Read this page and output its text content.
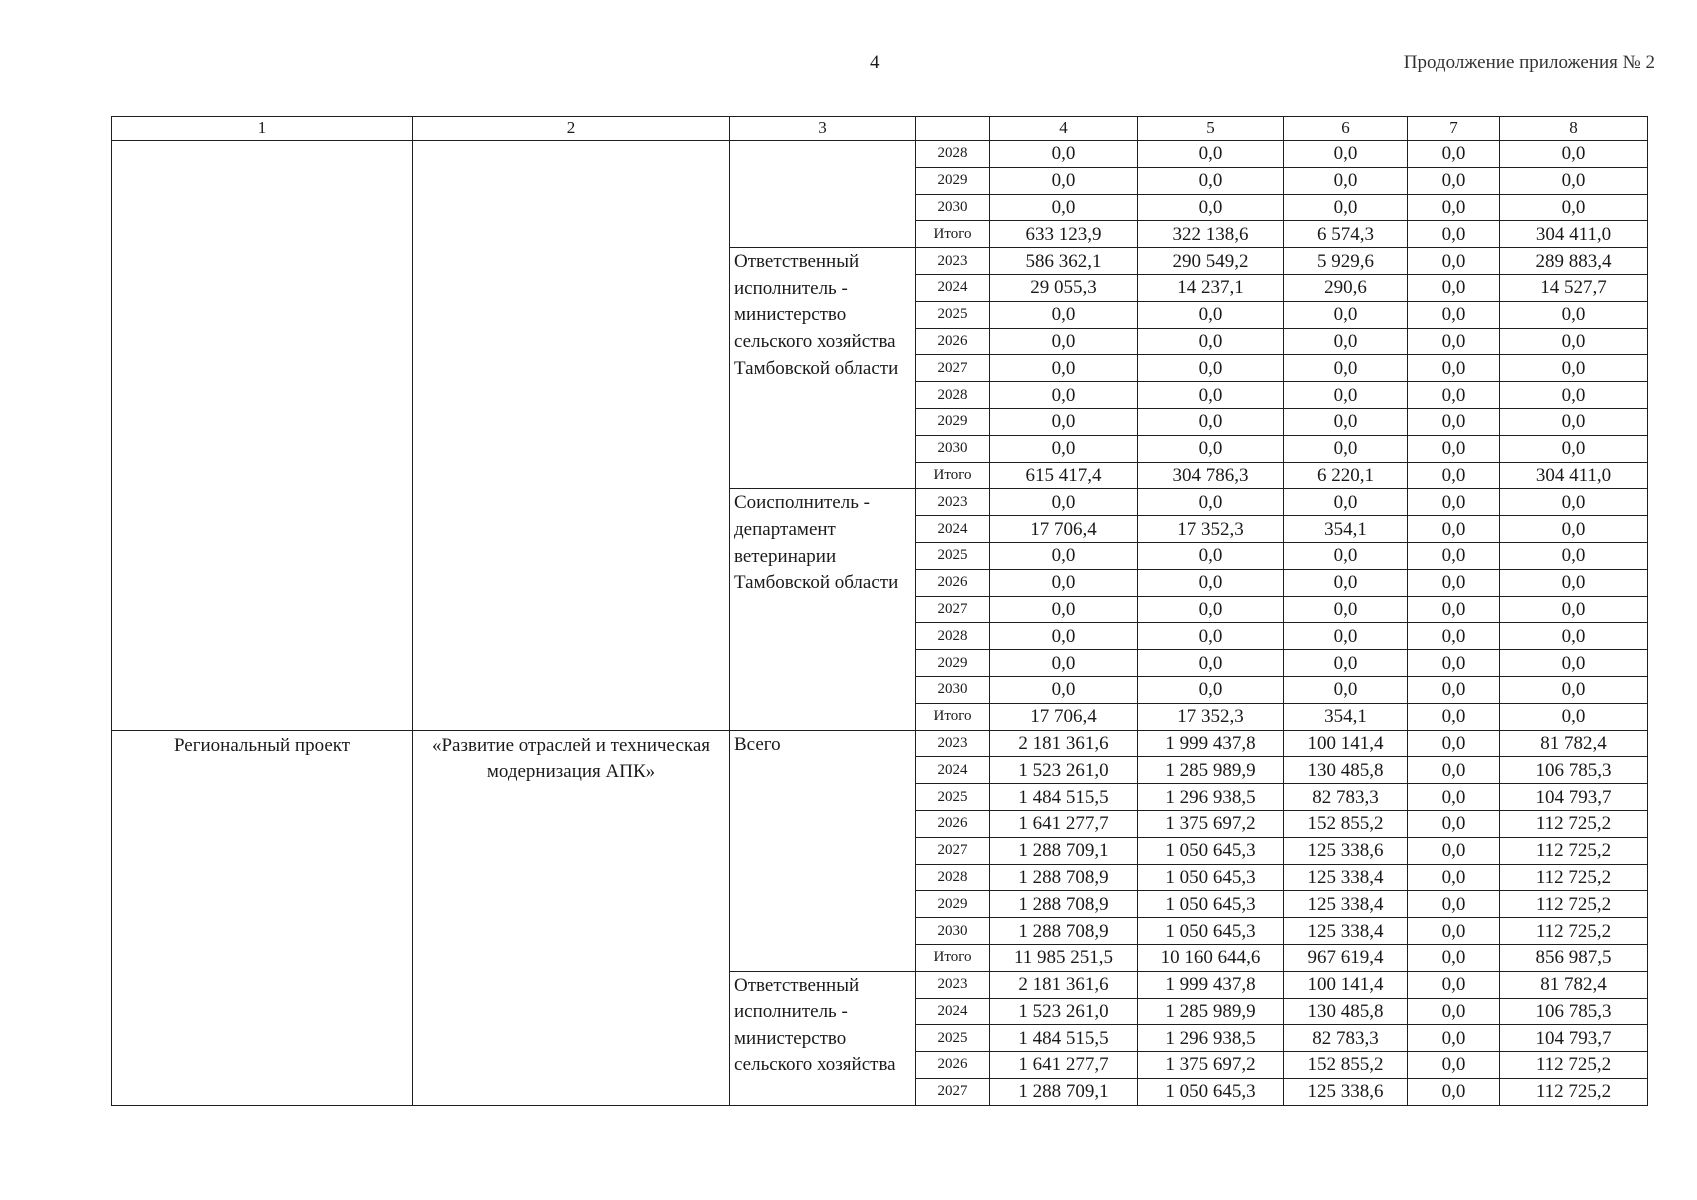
4	Продолжение приложения № 2
1	2	3		4	5	6	7	8
			2028	0,0	0,0	0,0	0,0	0,0
			2029	0,0	0,0	0,0	0,0	0,0
			2030	0,0	0,0	0,0	0,0	0,0
			Итого	633 123,9	322 138,6	6 574,3	0,0	304 411,0
		Ответственный исполнитель - министерство сельского хозяйства Тамбовской области	2023	586 362,1	290 549,2	5 929,6	0,0	289 883,4
			2024	29 055,3	14 237,1	290,6	0,0	14 527,7
			2025	0,0	0,0	0,0	0,0	0,0
			2026	0,0	0,0	0,0	0,0	0,0
			2027	0,0	0,0	0,0	0,0	0,0
			2028	0,0	0,0	0,0	0,0	0,0
			2029	0,0	0,0	0,0	0,0	0,0
			2030	0,0	0,0	0,0	0,0	0,0
			Итого	615 417,4	304 786,3	6 220,1	0,0	304 411,0
		Соисполнитель - департамент ветеринарии Тамбовской области	2023	0,0	0,0	0,0	0,0	0,0
			2024	17 706,4	17 352,3	354,1	0,0	0,0
			2025	0,0	0,0	0,0	0,0	0,0
			2026	0,0	0,0	0,0	0,0	0,0
			2027	0,0	0,0	0,0	0,0	0,0
			2028	0,0	0,0	0,0	0,0	0,0
			2029	0,0	0,0	0,0	0,0	0,0
			2030	0,0	0,0	0,0	0,0	0,0
			Итого	17 706,4	17 352,3	354,1	0,0	0,0
Региональный проект	«Развитие отраслей и техническая модернизация АПК»	Всего	2023	2 181 361,6	1 999 437,8	100 141,4	0,0	81 782,4
			2024	1 523 261,0	1 285 989,9	130 485,8	0,0	106 785,3
			2025	1 484 515,5	1 296 938,5	82 783,3	0,0	104 793,7
			2026	1 641 277,7	1 375 697,2	152 855,2	0,0	112 725,2
			2027	1 288 709,1	1 050 645,3	125 338,6	0,0	112 725,2
			2028	1 288 708,9	1 050 645,3	125 338,4	0,0	112 725,2
			2029	1 288 708,9	1 050 645,3	125 338,4	0,0	112 725,2
			2030	1 288 708,9	1 050 645,3	125 338,4	0,0	112 725,2
			Итого	11 985 251,5	10 160 644,6	967 619,4	0,0	856 987,5
		Ответственный исполнитель - министерство сельского хозяйства	2023	2 181 361,6	1 999 437,8	100 141,4	0,0	81 782,4
			2024	1 523 261,0	1 285 989,9	130 485,8	0,0	106 785,3
			2025	1 484 515,5	1 296 938,5	82 783,3	0,0	104 793,7
			2026	1 641 277,7	1 375 697,2	152 855,2	0,0	112 725,2
			2027	1 288 709,1	1 050 645,3	125 338,6	0,0	112 725,2
